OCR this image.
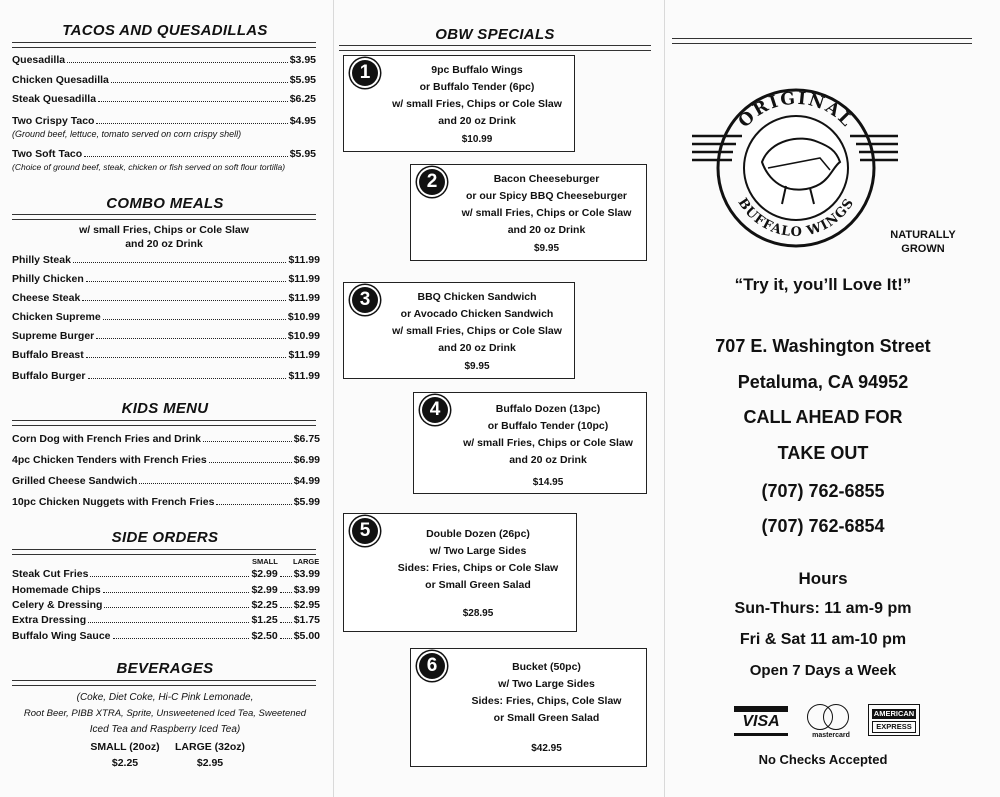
TACOS AND QUESADILLAS
Quesadilla	$3.95
Chicken Quesadilla	$5.95
Steak Quesadilla	$6.25
Two Crispy Taco	$4.95
(Ground beef, lettuce, tomato served on corn crispy shell)
Two Soft Taco	$5.95
(Choice of ground beef, steak, chicken or fish served on soft flour tortilla)
COMBO MEALS
w/ small Fries, Chips or Cole Slaw
and 20 oz Drink
Philly Steak	$11.99
Philly Chicken	$11.99
Cheese Steak	$11.99
Chicken Supreme	$10.99
Supreme Burger	$10.99
Buffalo Breast	$11.99
Buffalo Burger	$11.99
KIDS MENU
Corn Dog with French Fries and Drink	$6.75
4pc Chicken Tenders with French Fries	$6.99
Grilled Cheese Sandwich	$4.99
10pc Chicken Nuggets with French Fries	$5.99
SIDE ORDERS
SMALL LARGE
Steak Cut Fries	$2.99 $3.99
Homemade Chips	$2.99 $3.99
Celery & Dressing	$2.25 $2.95
Extra Dressing	$1.25 $1.75
Buffalo Wing Sauce	$2.50 $5.00
BEVERAGES
(Coke, Diet Coke, Hi-C Pink Lemonade,
Root Beer, PIBB XTRA, Sprite, Unsweetened Iced Tea, Sweetened
Iced Tea and Raspberry Iced Tea)
SMALL (20oz)	LARGE (32oz)
$2.25	$2.95
OBW SPECIALS
1	9pc Buffalo Wings
or Buffalo Tender (6pc)
w/ small Fries, Chips or Cole Slaw
and 20 oz Drink
$10.99
2	Bacon Cheeseburger
or our Spicy BBQ Cheeseburger
w/ small Fries, Chips or Cole Slaw
and 20 oz Drink
$9.95
3	BBQ Chicken Sandwich
or Avocado Chicken Sandwich
w/ small Fries, Chips or Cole Slaw
and 20 oz Drink
$9.95
4	Buffalo Dozen (13pc)
or Buffalo Tender (10pc)
w/ small Fries, Chips or Cole Slaw
and 20 oz Drink
$14.95
5	Double Dozen (26pc)
w/ Two Large Sides
Sides: Fries, Chips or Cole Slaw
or Small Green Salad
$28.95
6	Bucket (50pc)
w/ Two Large Sides
Sides: Fries, Chips, Cole Slaw
or Small Green Salad
$42.95
ORIGINAL
BUFFALO WINGS
NATURALLY
GROWN
“Try it, you’ll Love It!”
707 E. Washington Street
Petaluma, CA 94952
CALL AHEAD FOR
TAKE OUT
(707) 762-6855
(707) 762-6854
Hours
Sun-Thurs: 11 am-9 pm
Fri & Sat 11 am-10 pm
Open 7 Days a Week
VISA
mastercard
AMERICAN
EXPRESS
No Checks Accepted
